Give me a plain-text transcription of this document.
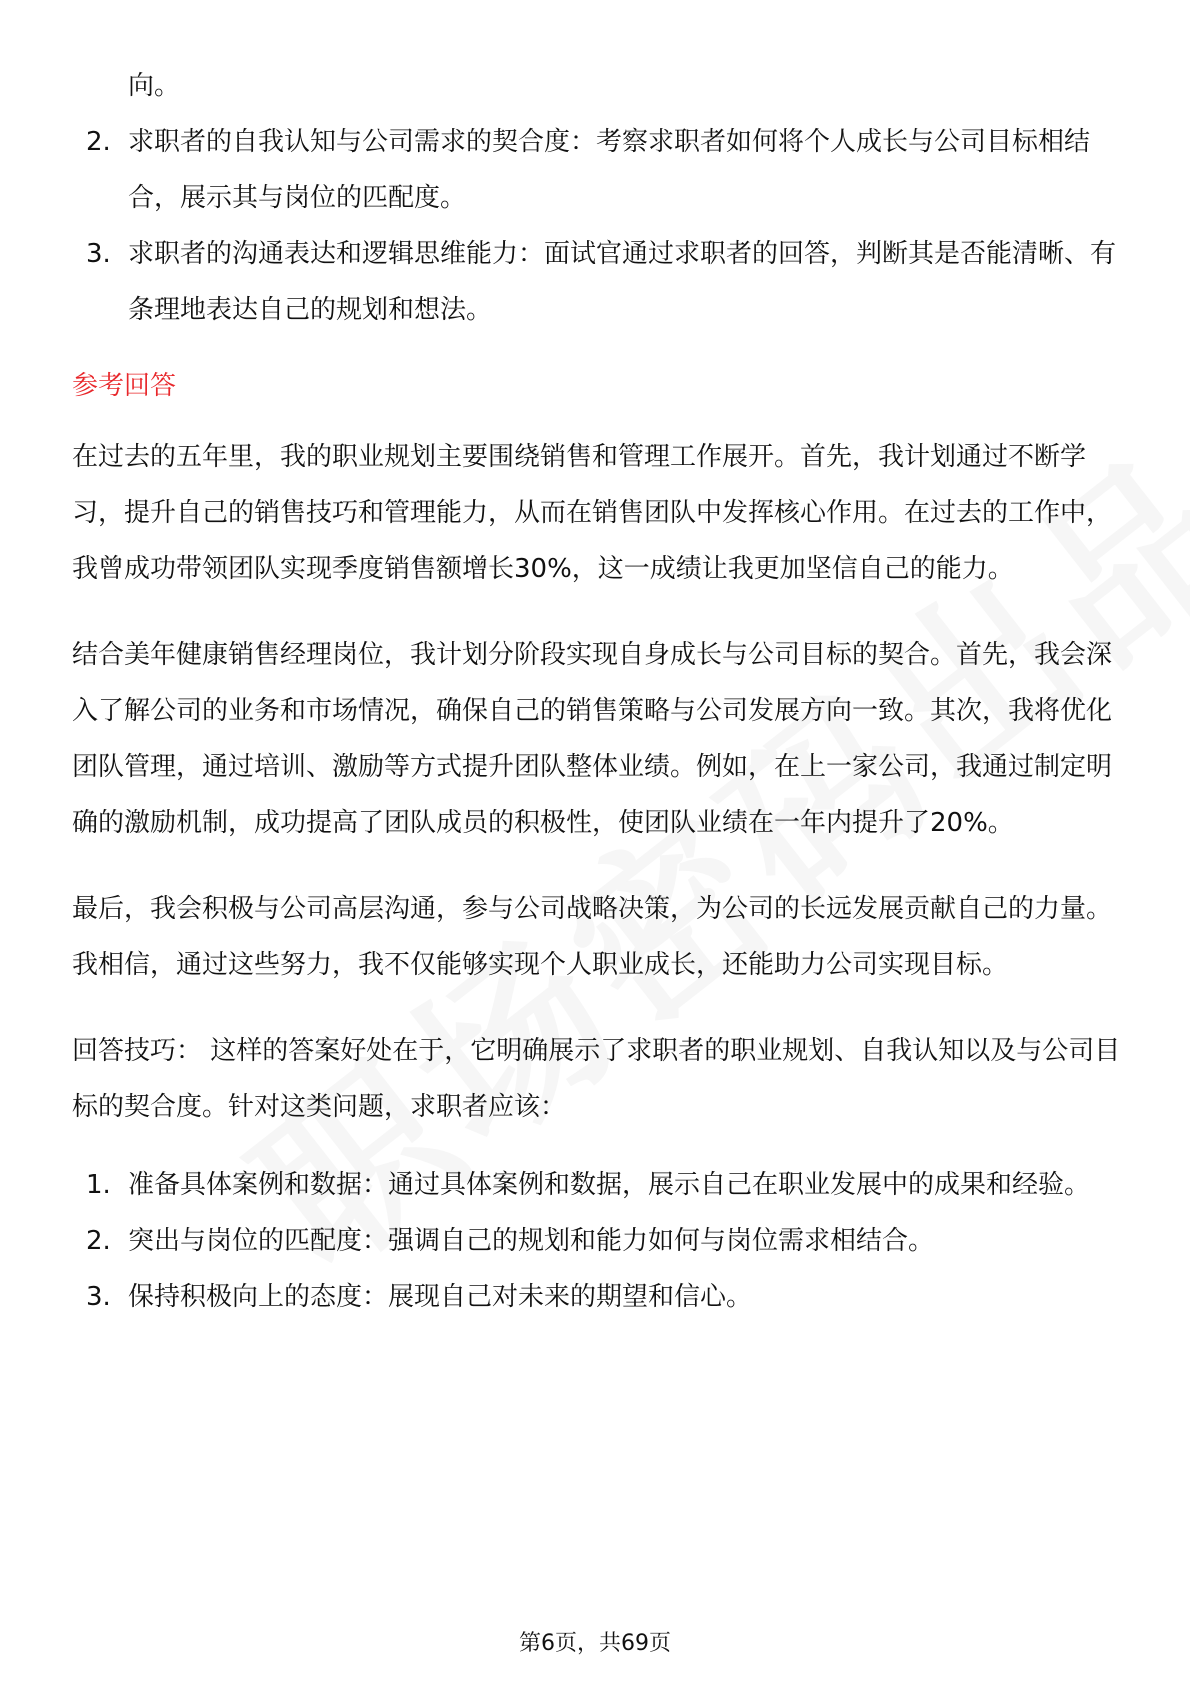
向。

2. 求职者的自我认知与公司需求的契合度：考察求职者如何将个人成长与公司目标相结合，展示其与岗位的匹配度。
3. 求职者的沟通表达和逻辑思维能力：面试官通过求职者的回答，判断其是否能清晰、有条理地表达自己的规划和想法。
参考回答

在过去的五年里，我的职业规划主要围绕销售和管理工作展开。首先，我计划通过不断学习，提升自己的销售技巧和管理能力，从而在销售团队中发挥核心作用。在过去的工作中，我曾成功带领团队实现季度销售额增长30%，这一成绩让我更加坚信自己的能力。

结合美年健康销售经理岗位，我计划分阶段实现自身成长与公司目标的契合。首先，我会深入了解公司的业务和市场情况，确保自己的销售策略与公司发展方向一致。其次，我将优化团队管理，通过培训、激励等方式提升团队整体业绩。例如，在上一家公司，我通过制定明确的激励机制，成功提高了团队成员的积极性，使团队业绩在一年内提升了20%。

最后，我会积极与公司高层沟通，参与公司战略决策，为公司的长远发展贡献自己的力量。我相信，通过这些努力，我不仅能够实现个人职业成长，还能助力公司实现目标。

回答技巧： 这样的答案好处在于，它明确展示了求职者的职业规划、自我认知以及与公司目标的契合度。针对这类问题，求职者应该：

1. 准备具体案例和数据：通过具体案例和数据，展示自己在职业发展中的成果和经验。
2. 突出与岗位的匹配度：强调自己的规划和能力如何与岗位需求相结合。
3. 保持积极向上的态度：展现自己对未来的期望和信心。
第6页，共69页
